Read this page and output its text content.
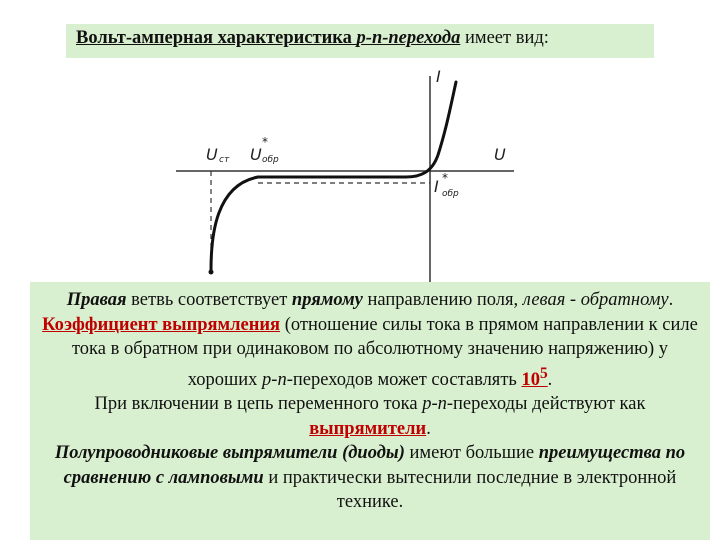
Вольт-амперная характеристика p-n-перехода имеет вид:
I
U
U ст U
*
обр
I *
обр

Правая ветвь соответствует прямому направлению поля, левая - обратному.

Коэффициент выпрямления (отношение силы тока в прямом направлении к силе тока в обратном при одинаковом по абсолютному значению напряжению) у хороших p-n-переходов может составлять $10^5$.

При включении в цепь переменного тока p-n-переходы действуют как выпрямители.

Полупроводниковые выпрямители (диоды) имеют большие преимущества по сравнению с ламповыми и практически вытеснили последние в электронной технике.
